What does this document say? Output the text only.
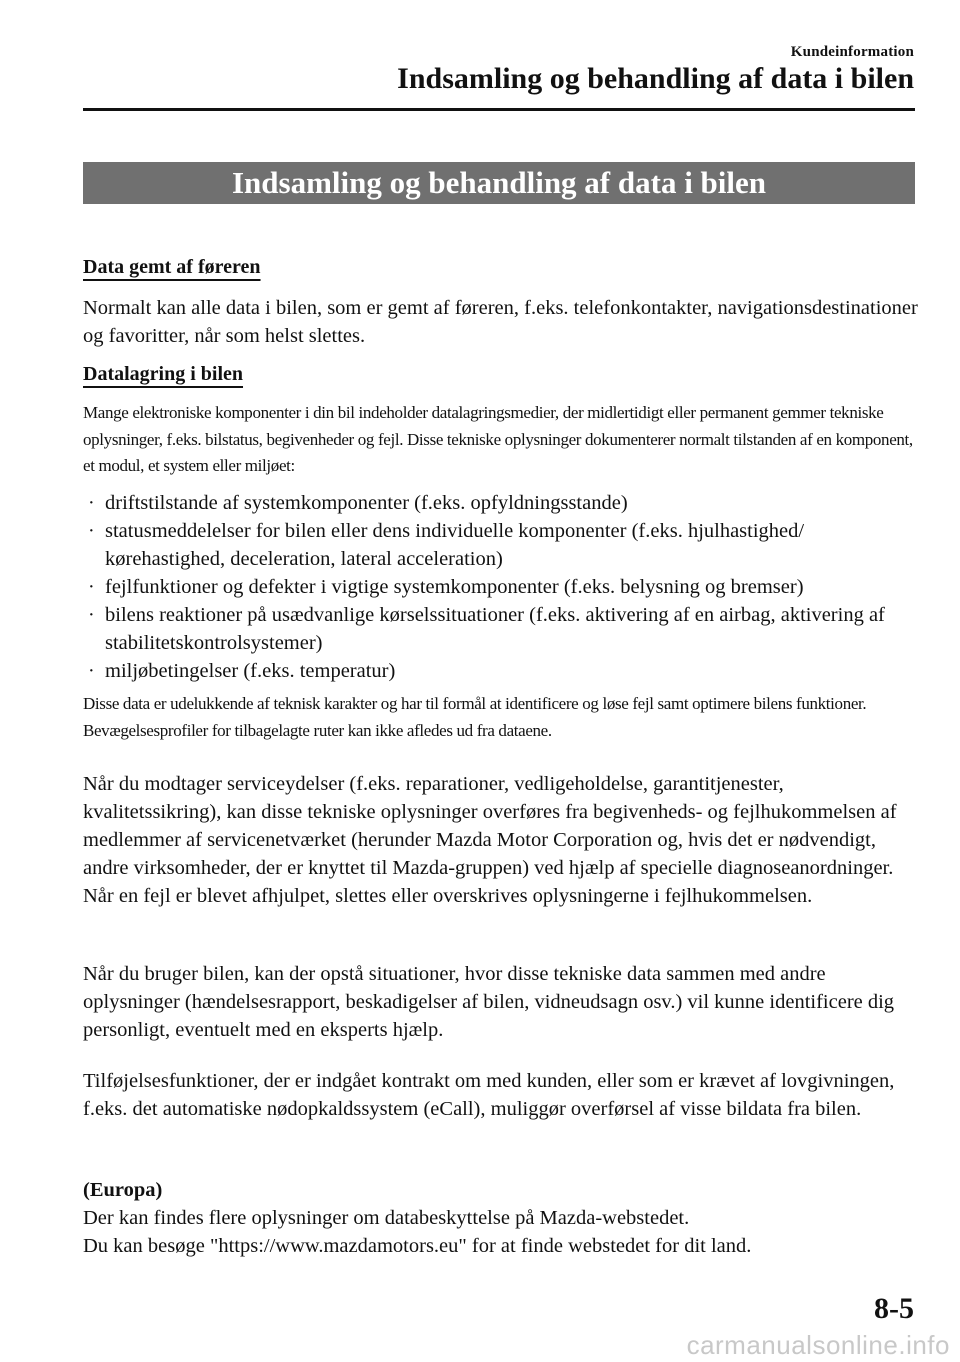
Kundeinformation
Indsamling og behandling af data i bilen
Indsamling og behandling af data i bilen
Data gemt af føreren
Normalt kan alle data i bilen, som er gemt af føreren, f.eks. telefonkontakter, navigationsdestinationer og favoritter, når som helst slettes.
Datalagring i bilen
Mange elektroniske komponenter i din bil indeholder datalagringsmedier, der midlertidigt eller permanent gemmer tekniske oplysninger, f.eks. bilstatus, begivenheder og fejl. Disse tekniske oplysninger dokumenterer normalt tilstanden af en komponent, et modul, et system eller miljøet:
· driftstilstande af systemkomponenter (f.eks. opfyldningsstande)
· statusmeddelelser for bilen eller dens individuelle komponenter (f.eks. hjulhastighed/ kørehastighed, deceleration, lateral acceleration)
· fejlfunktioner og defekter i vigtige systemkomponenter (f.eks. belysning og bremser)
· bilens reaktioner på usædvanlige kørselssituationer (f.eks. aktivering af en airbag, aktivering af stabilitetskontrolsystemer)
· miljøbetingelser (f.eks. temperatur)
Disse data er udelukkende af teknisk karakter og har til formål at identificere og løse fejl samt optimere bilens funktioner. Bevægelsesprofiler for tilbagelagte ruter kan ikke afledes ud fra dataene.
Når du modtager serviceydelser (f.eks. reparationer, vedligeholdelse, garantitjenester, kvalitetssikring), kan disse tekniske oplysninger overføres fra begivenheds- og fejlhukommelsen af medlemmer af servicenetværket (herunder Mazda Motor Corporation og, hvis det er nødvendigt, andre virksomheder, der er knyttet til Mazda-gruppen) ved hjælp af specielle diagnoseanordninger. Når en fejl er blevet afhjulpet, slettes eller overskrives oplysningerne i fejlhukommelsen.
Når du bruger bilen, kan der opstå situationer, hvor disse tekniske data sammen med andre oplysninger (hændelsesrapport, beskadigelser af bilen, vidneudsagn osv.) vil kunne identificere dig personligt, eventuelt med en eksperts hjælp.
Tilføjelsesfunktioner, der er indgået kontrakt om med kunden, eller som er krævet af lovgivningen, f.eks. det automatiske nødopkaldssystem (eCall), muliggør overførsel af visse bildata fra bilen.
(Europa)
Der kan findes flere oplysninger om databeskyttelse på Mazda-webstedet.
Du kan besøge "https://www.mazdamotors.eu" for at finde webstedet for dit land.
8-5
carmanualsonline.info
